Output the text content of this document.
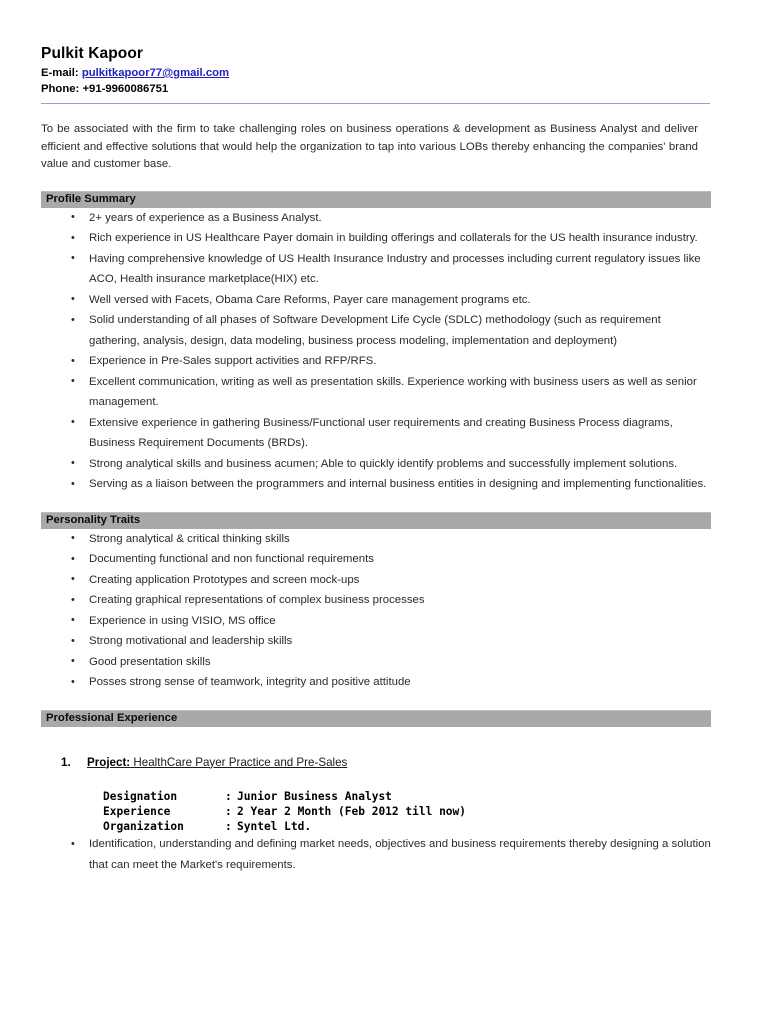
Pulkit Kapoor
E-mail: pulkitkapoor77@gmail.com
Phone: +91-9960086751
To be associated with the firm to take challenging roles on business operations & development as Business Analyst and deliver efficient and effective solutions that would help the organization to tap into various LOBs thereby enhancing the companies' brand value and customer base.
Profile Summary
• 2+ years of experience as a Business Analyst.
• Rich experience in US Healthcare Payer domain in building offerings and collaterals for the US health insurance industry.
• Having comprehensive knowledge of US Health Insurance Industry and processes including current regulatory issues like ACO, Health insurance marketplace(HIX) etc.
• Well versed with Facets, Obama Care Reforms, Payer care management programs etc.
• Solid understanding of all phases of Software Development Life Cycle (SDLC) methodology (such as requirement gathering, analysis, design, data modeling, business process modeling, implementation and deployment)
• Experience in Pre-Sales support activities and RFP/RFS.
• Excellent communication, writing as well as presentation skills. Experience working with business users as well as senior management.
• Extensive experience in gathering Business/Functional user requirements and creating Business Process diagrams, Business Requirement Documents (BRDs).
• Strong analytical skills and business acumen; Able to quickly identify problems and successfully implement solutions.
• Serving as a liaison between the programmers and internal business entities in designing and implementing functionalities.
Personality Traits
• Strong analytical & critical thinking skills
• Documenting functional and non functional requirements
• Creating application Prototypes and screen mock-ups
• Creating graphical representations of complex business processes
• Experience in using VISIO, MS office
• Strong motivational and leadership skills
• Good presentation skills
• Posses strong sense of teamwork, integrity and positive attitude
Professional Experience
1.	Project: HealthCare Payer Practice and Pre-Sales
Designation	:	Junior Business Analyst
Experience	:	2 Year 2 Month (Feb 2012 till now)
Organization	:	Syntel Ltd.
• Identification, understanding and defining market needs, objectives and business requirements thereby designing a solution that can meet the Market's requirements.
